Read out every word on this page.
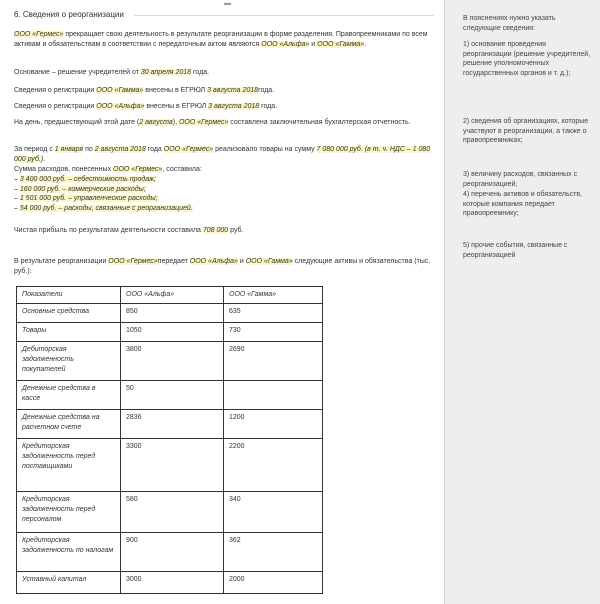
6. Сведения о реорганизации
▬
ООО «Гермес» прекращает свою деятельность в результате реорганизации в форме разделения. Правопреемниками по всем активам и обязательствам в соответствии с передаточным актом являются ООО «Альфа» и ООО «Гамма».
Основание – решение учредителей от 30 апреля 2018 года.
Сведения о регистрации ООО «Гамма» внесены в ЕГРЮЛ 3 августа 2018года.
Сведения о регистрации ООО «Альфа» внесены в ЕГРЮЛ 3 августа 2018 года.
На день, предшествующий этой дате (2 августа), ООО «Гермес» составлена заключительная бухгалтерская отчетность.
За период с 1 января по 2 августа 2018 года ООО «Гермес» реализовало товары на сумму 7 080 000 руб. (в т. ч. НДС – 1 080 000 руб.).
Сумма расходов, понесенных ООО «Гермес», составила:
– 3 400 000 руб. – себестоимость продаж;
– 160 000 руб. – коммерческие расходы;
– 1 501 000 руб. – управленческие расходы;
– 54 000 руб. – расходы, связанные с реорганизацией.
Чистая прибыль по результатам деятельности составила 708 000 руб.
В результате реорганизации ООО «Гермес»передает ООО «Альфа» и ООО «Гамма» следующие активы и обязательства (тыс. руб.):
Показатели	ООО «Альфа»	ООО «Гамма»
Основные средства	850	635
Товары	1050	730
Дебиторская задолженность покупателей	3800	2690
Денежные средства в кассе	50	
Денежные средства на расчетном счете	2836	1200
Кредиторская задолженность перед поставщиками	3300	2200
Кредиторская задолженность перед персоналом	580	340
Кредиторская задолженность по налогам	900	362
Уставный капитал	3000	2000
В пояснениях нужно указать следующие сведения:
1) основание проведения реорганизации (решение учредителей, решение уполномоченных государственных органов и т. д.);
2) сведения об организациях, которые участвуют в реорганизации, а также о правопреемниках;
3) величину расходов, связанных с реорганизацией;
4) перечень активов и обязательств, которые компания передает правопреемнику;
5) прочие события, связанные с реорганизацией
